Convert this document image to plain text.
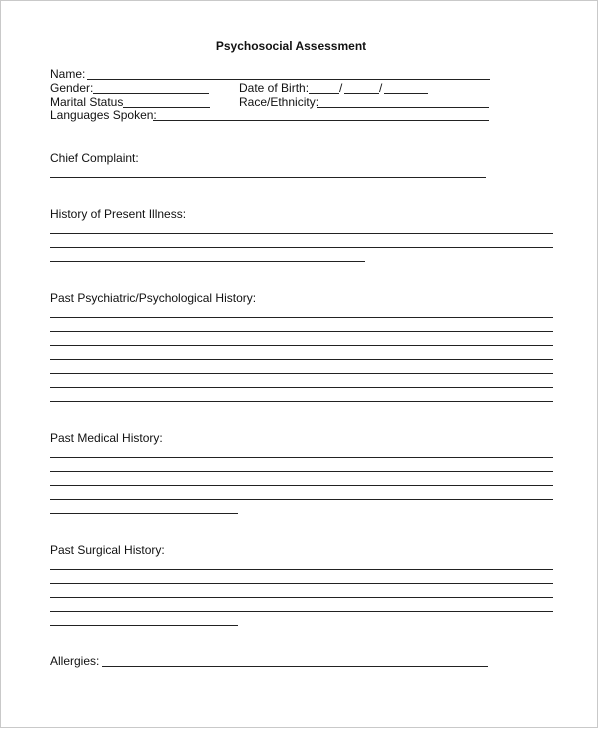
Psychosocial Assessment
Name:
Gender:	Date of Birth: /	/
Marital Status	Race/Ethnicity:
Languages Spoken:
Chief Complaint:
History of Present Illness:
Past Psychiatric/Psychological History:
Past Medical History:
Past Surgical History:
Allergies:
